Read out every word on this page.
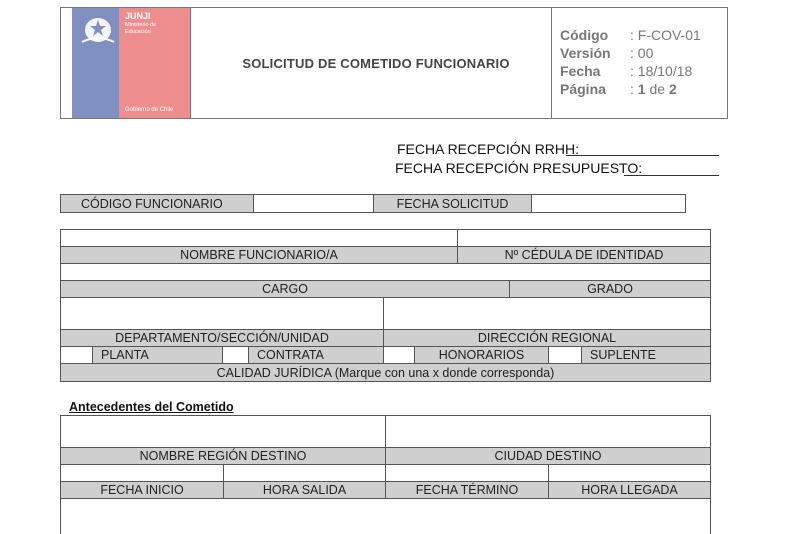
JUNJI
Ministerio de
Educación
Gobierno de Chile
SOLICITUD DE COMETIDO FUNCIONARIO
Código	: F-COV-01
Versión	: 00
Fecha	: 18/10/18
Página	: 1 de 2
FECHA RECEPCIÓN RRHH:
FECHA RECEPCIÓN PRESUPUESTO:
CÓDIGO FUNCIONARIO	FECHA SOLICITUD
NOMBRE FUNCIONARIO/A	Nº CÉDULA DE IDENTIDAD
CARGO	GRADO
DEPARTAMENTO/SECCIÓN/UNIDAD	DIRECCIÓN REGIONAL
PLANTA	CONTRATA	HONORARIOS	SUPLENTE
CALIDAD JURÍDICA (Marque con una x donde corresponda)
Antecedentes del Cometido
NOMBRE REGIÓN DESTINO	CIUDAD DESTINO
FECHA INICIO	HORA SALIDA	FECHA TÉRMINO	HORA LLEGADA
